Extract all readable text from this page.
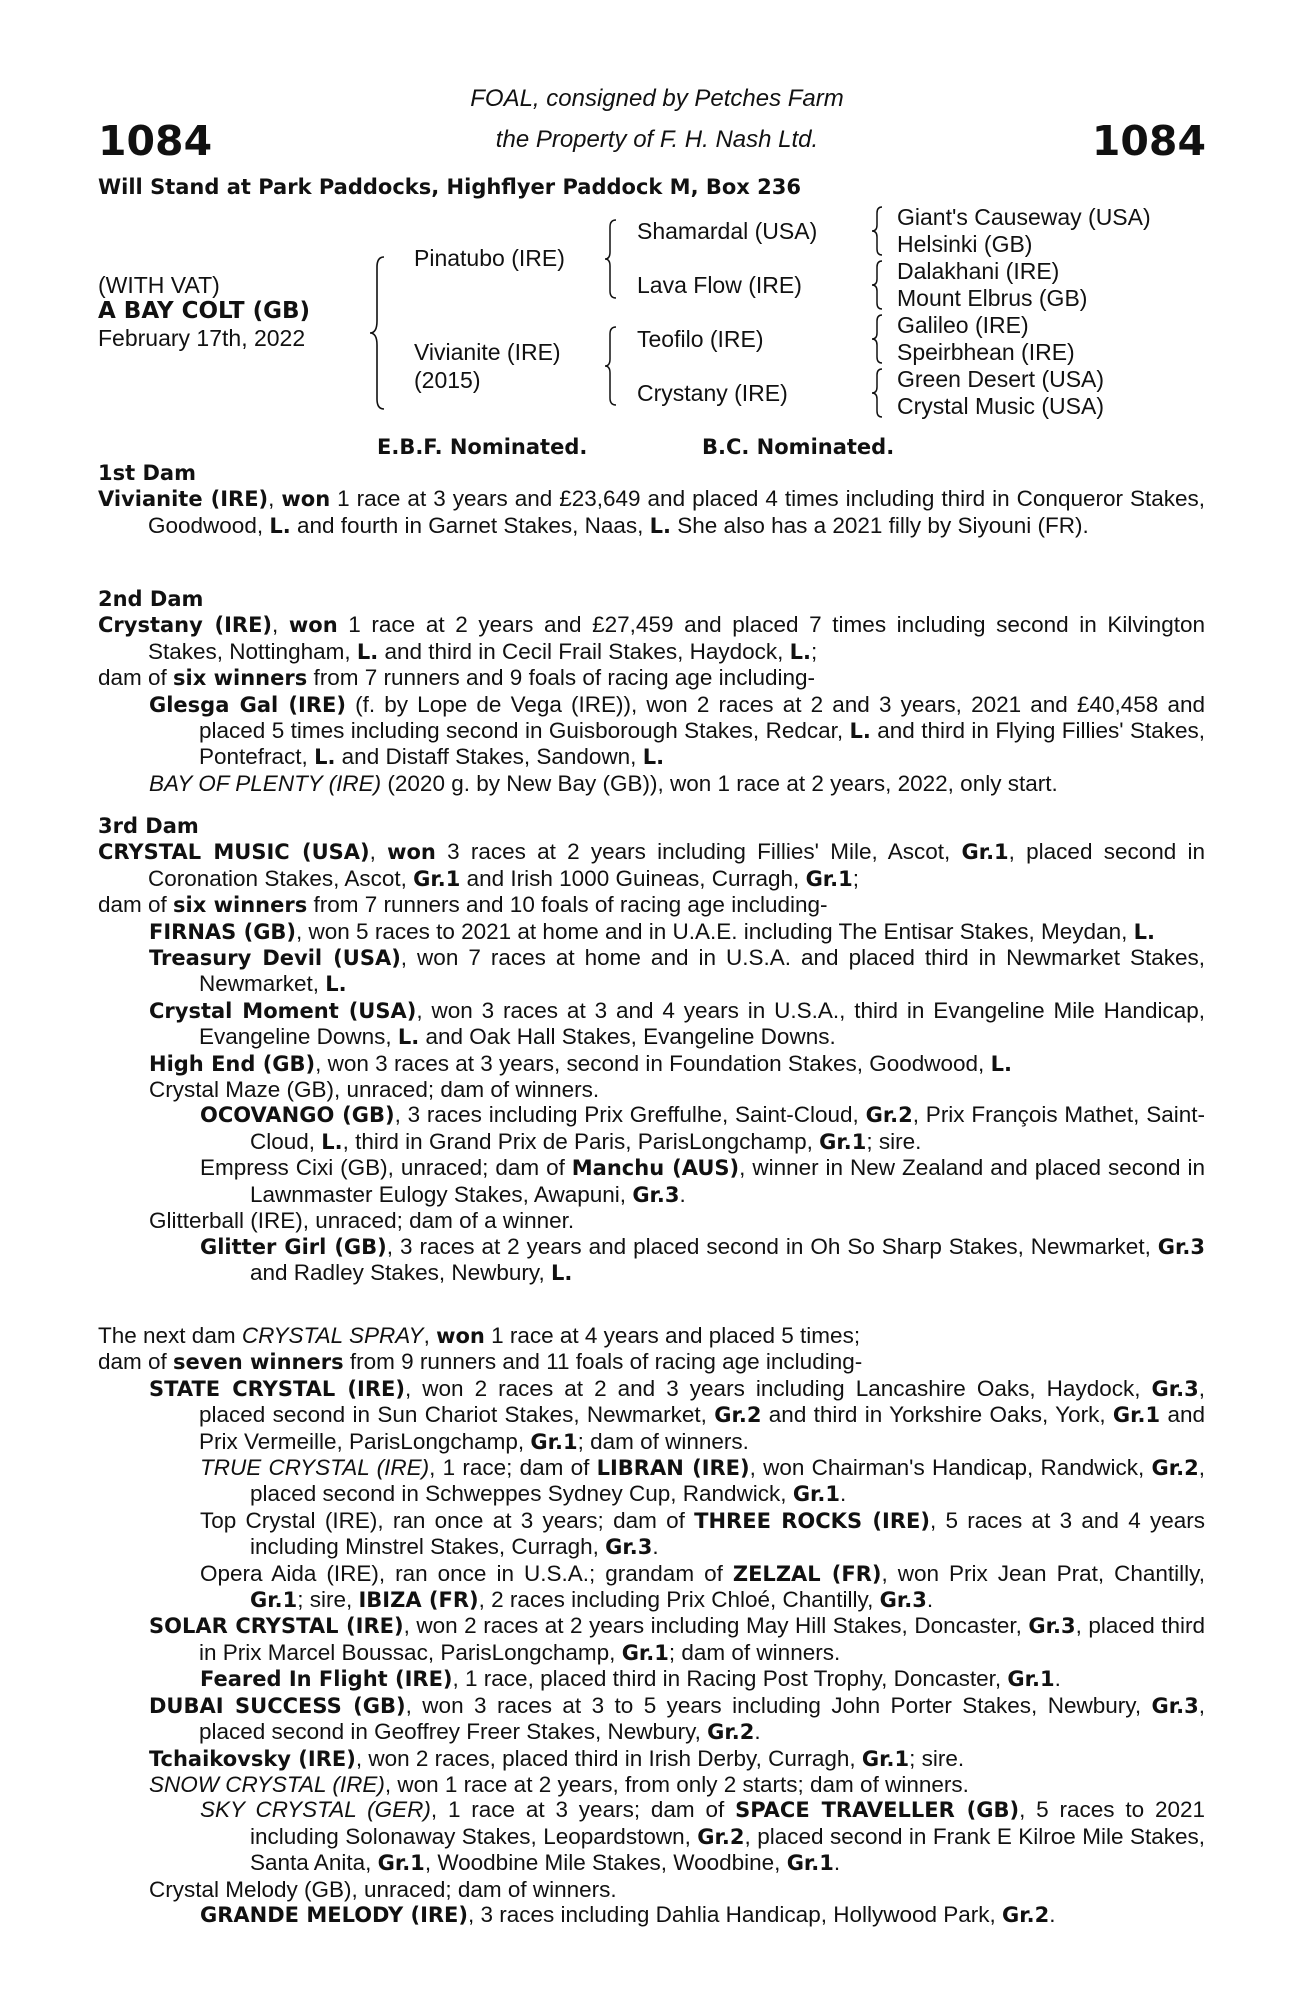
1084	1084
FOAL, consigned by Petches Farm
the Property of F. H. Nash Ltd.
Will Stand at Park Paddocks, Highflyer Paddock M, Box 236
(WITH VAT)
A BAY COLT (GB)
February 17th, 2022
Pinatubo (IRE)
Vivianite (IRE)
(2015)
Shamardal (USA)
Lava Flow (IRE)
Teofilo (IRE)
Crystany (IRE)
Giant's Causeway (USA)
Helsinki (GB)
Dalakhani (IRE)
Mount Elbrus (GB)
Galileo (IRE)
Speirbhean (IRE)
Green Desert (USA)
Crystal Music (USA)
E.B.F. Nominated.	B.C. Nominated.
1st Dam

Vivianite (IRE), won 1 race at 3 years and £23,649 and placed 4 times including third in Conqueror Stakes, Goodwood, L. and fourth in Garnet Stakes, Naas, L. She also has a 2021 filly by Siyouni (FR).

2nd Dam

Crystany (IRE), won 1 race at 2 years and £27,459 and placed 7 times including second in Kilvington Stakes, Nottingham, L. and third in Cecil Frail Stakes, Haydock, L.;

dam of six winners from 7 runners and 9 foals of racing age including-

Glesga Gal (IRE) (f. by Lope de Vega (IRE)), won 2 races at 2 and 3 years, 2021 and £40,458 and placed 5 times including second in Guisborough Stakes, Redcar, L. and third in Flying Fillies' Stakes, Pontefract, L. and Distaff Stakes, Sandown, L.

BAY OF PLENTY (IRE) (2020 g. by New Bay (GB)), won 1 race at 2 years, 2022, only start.

3rd Dam

CRYSTAL MUSIC (USA), won 3 races at 2 years including Fillies' Mile, Ascot, Gr.1, placed second in Coronation Stakes, Ascot, Gr.1 and Irish 1000 Guineas, Curragh, Gr.1;

dam of six winners from 7 runners and 10 foals of racing age including-

FIRNAS (GB), won 5 races to 2021 at home and in U.A.E. including The Entisar Stakes, Meydan, L.

Treasury Devil (USA), won 7 races at home and in U.S.A. and placed third in Newmarket Stakes, Newmarket, L.

Crystal Moment (USA), won 3 races at 3 and 4 years in U.S.A., third in Evangeline Mile Handicap, Evangeline Downs, L. and Oak Hall Stakes, Evangeline Downs.

High End (GB), won 3 races at 3 years, second in Foundation Stakes, Goodwood, L.

Crystal Maze (GB), unraced; dam of winners.

OCOVANGO (GB), 3 races including Prix Greffulhe, Saint-Cloud, Gr.2, Prix François Mathet, Saint-Cloud, L., third in Grand Prix de Paris, ParisLongchamp, Gr.1; sire.

Empress Cixi (GB), unraced; dam of Manchu (AUS), winner in New Zealand and placed second in Lawnmaster Eulogy Stakes, Awapuni, Gr.3.

Glitterball (IRE), unraced; dam of a winner.

Glitter Girl (GB), 3 races at 2 years and placed second in Oh So Sharp Stakes, Newmarket, Gr.3 and Radley Stakes, Newbury, L.

The next dam CRYSTAL SPRAY, won 1 race at 4 years and placed 5 times;

dam of seven winners from 9 runners and 11 foals of racing age including-

STATE CRYSTAL (IRE), won 2 races at 2 and 3 years including Lancashire Oaks, Haydock, Gr.3, placed second in Sun Chariot Stakes, Newmarket, Gr.2 and third in Yorkshire Oaks, York, Gr.1 and Prix Vermeille, ParisLongchamp, Gr.1; dam of winners.

TRUE CRYSTAL (IRE), 1 race; dam of LIBRAN (IRE), won Chairman's Handicap, Randwick, Gr.2, placed second in Schweppes Sydney Cup, Randwick, Gr.1.

Top Crystal (IRE), ran once at 3 years; dam of THREE ROCKS (IRE), 5 races at 3 and 4 years including Minstrel Stakes, Curragh, Gr.3.

Opera Aida (IRE), ran once in U.S.A.; grandam of ZELZAL (FR), won Prix Jean Prat, Chantilly, Gr.1; sire, IBIZA (FR), 2 races including Prix Chloé, Chantilly, Gr.3.

SOLAR CRYSTAL (IRE), won 2 races at 2 years including May Hill Stakes, Doncaster, Gr.3, placed third in Prix Marcel Boussac, ParisLongchamp, Gr.1; dam of winners.

Feared In Flight (IRE), 1 race, placed third in Racing Post Trophy, Doncaster, Gr.1.

DUBAI SUCCESS (GB), won 3 races at 3 to 5 years including John Porter Stakes, Newbury, Gr.3, placed second in Geoffrey Freer Stakes, Newbury, Gr.2.

Tchaikovsky (IRE), won 2 races, placed third in Irish Derby, Curragh, Gr.1; sire.

SNOW CRYSTAL (IRE), won 1 race at 2 years, from only 2 starts; dam of winners.

SKY CRYSTAL (GER), 1 race at 3 years; dam of SPACE TRAVELLER (GB), 5 races to 2021 including Solonaway Stakes, Leopardstown, Gr.2, placed second in Frank E Kilroe Mile Stakes, Santa Anita, Gr.1, Woodbine Mile Stakes, Woodbine, Gr.1.

Crystal Melody (GB), unraced; dam of winners.

GRANDE MELODY (IRE), 3 races including Dahlia Handicap, Hollywood Park, Gr.2.
